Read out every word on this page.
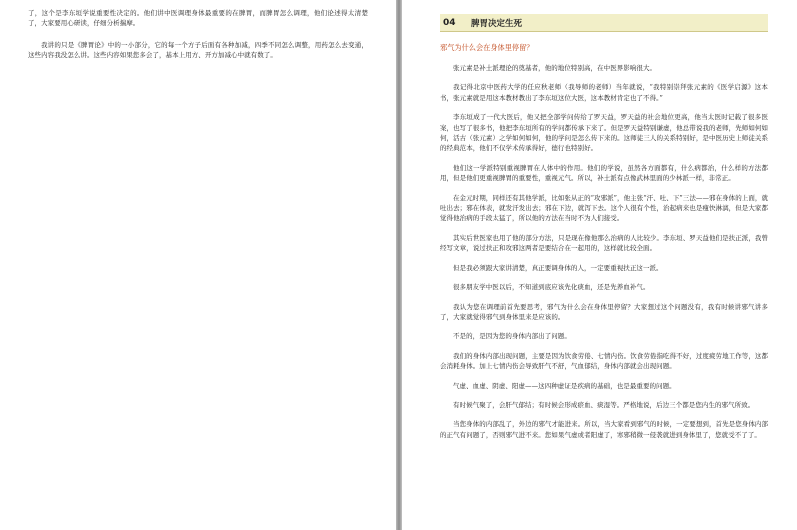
了，这个是李东垣学说重要性决定的。他们讲中医调理身体最重要的在脾胃，而脾胃怎么调理，他们论述得太清楚了，大家要用心研读，仔细分析揣摩。

我讲的只是《脾胃论》中的一小部分，它的每一个方子后面有各种加减，四季不同怎么调整，用药怎么去变通，这些内容我没怎么讲。这些内容如果您多会了，基本上用方、开方加减心中就有数了。

04	脾胃决定生死
邪气为什么会在身体里停留？

张元素是补土派理论的奠基者，他的地位特别高，在中医界影响很大。

我记得北京中医药大学的任应秋老师（我导师的老师）当年就说，“我特别崇拜张元素的《医学启源》这本书，张元素就是用这本教材教出了李东垣这位大医，这本教材肯定也了不得。”

李东垣成了一代大医后，他又把全部学问传给了罗天益，罗天益的社会地位更高，他当太医时记载了很多医案，也写了很多书，他把李东垣所有的学问都传承下来了。但是罗天益特别谦虚，他总带说我的老师，先师如何如何，活古（张元素）之学如何如何，他的学问是怎么传下来的。这师徒三人的关系特别好，是中医历史上师徒关系的经典范本，他们不仅学术传承得好，德行也特别好。

他们这一学派特别重视脾胃在人体中的作用。他们的学说，虽然各方面都有，什么病都治，什么样的方法都用，但是他们更重视脾胃的重要性，重视元气。所以，补土派有点像武林里面的少林派一样，非常正。

在金元时期，同样还有其他学派，比如张从正的“攻邪派”，他主张“汗、吐、下”三法——邪在身体的上面，就吐出去；邪在体表，就发汗发出去；邪在下边，就泻下去。这个人很有个性，治起病来也是瘦快淋漓，但是大家都觉得他治病的手段太猛了，所以他的方法在当时不为人们接受。

其实后世医家也用了他的部分方法，只是现在像他那么治病的人比较少。李东垣、罗天益他们是扶正派，我曾经写文章，说过扶正和攻邪这两者是要结合在一起用的，这样就比较全面。

但是我必须跟大家讲清楚，真正要调身体的人，一定要重视扶正这一派。

很多朋友学中医以后，不知道到底应该先化痰血，还是先养血补气。

我认为您在调理前首先要思考，邪气为什么会在身体里停留？大家想过这个问题没有，我有时候讲邪气讲多了，大家就觉得邪气到身体里来是应该的。

不是的，是因为您的身体内部出了问题。

我们的身体内部出现问题，主要是因为饮食劳倦、七情内伤。饮食劳倦指吃得不好，过度疲劳地工作等，这都会消耗身体。加上七情内伤会导致肝气不舒，气血郁结，身体内部就会出现问题。

气虚、血虚、阴虚、阳虚——这四种虚证是疾病的基础，也是最重要的问题。

有时候气聚了，会肝气郁结；有时候会形成瘀血、痰湿等。严格地说，后边三个都是您内生的邪气所致。

当您身体的内部乱了，外边的邪气才能进来。所以，当大家看到邪气的时候，一定要想到，首先是您身体内部的正气有问题了，否则邪气进不来。您如果气虚或者阳虚了，寒邪稍微一侵袭就进到身体里了，您就受不了了。
